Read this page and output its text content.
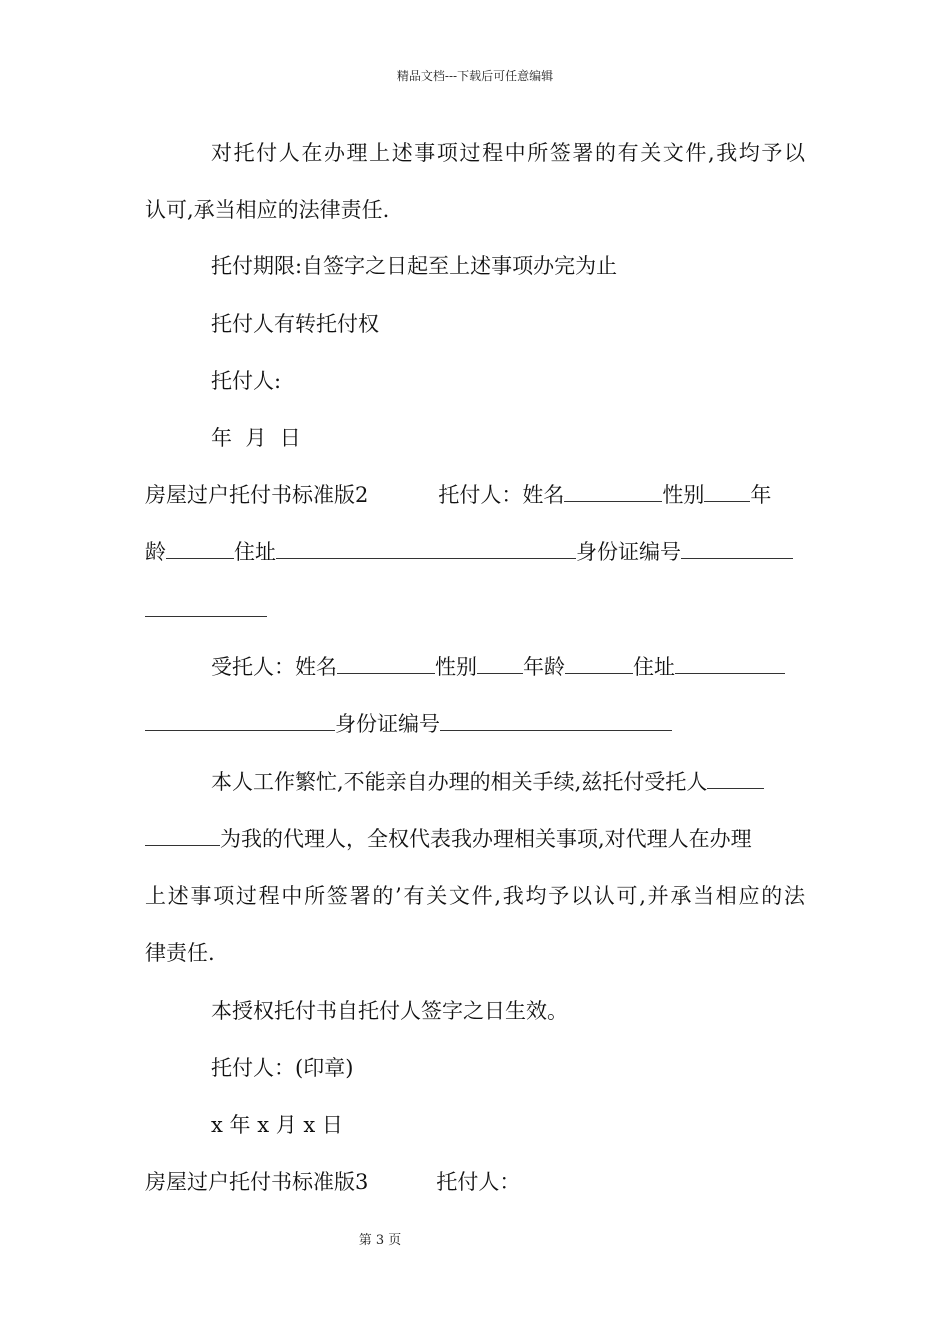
精品文档---下载后可任意编辑
对托付人在办理上述事项过程中所签署的有关文件,我均予以
认可,承当相应的法律责任.
托付期限:自签字之日起至上述事项办完为止
托付人有转托付权
托付人:
年  月  日
房屋过户托付书标准版2	托付人：姓名	性别 年
龄	住址	身份证编号
受托人：姓名	性别 年龄	住址
身份证编号
本人工作繁忙,不能亲自办理的相关手续,兹托付受托人
为我的代理人，全权代表我办理相关事项,对代理人在办理
上述事项过程中所签署的’有关文件,我均予以认可,并承当相应的法
律责任.
本授权托付书自托付人签字之日生效。
托付人：(印章)
x 年 x 月 x 日
房屋过户托付书标准版3	托付人：
第 3 页
